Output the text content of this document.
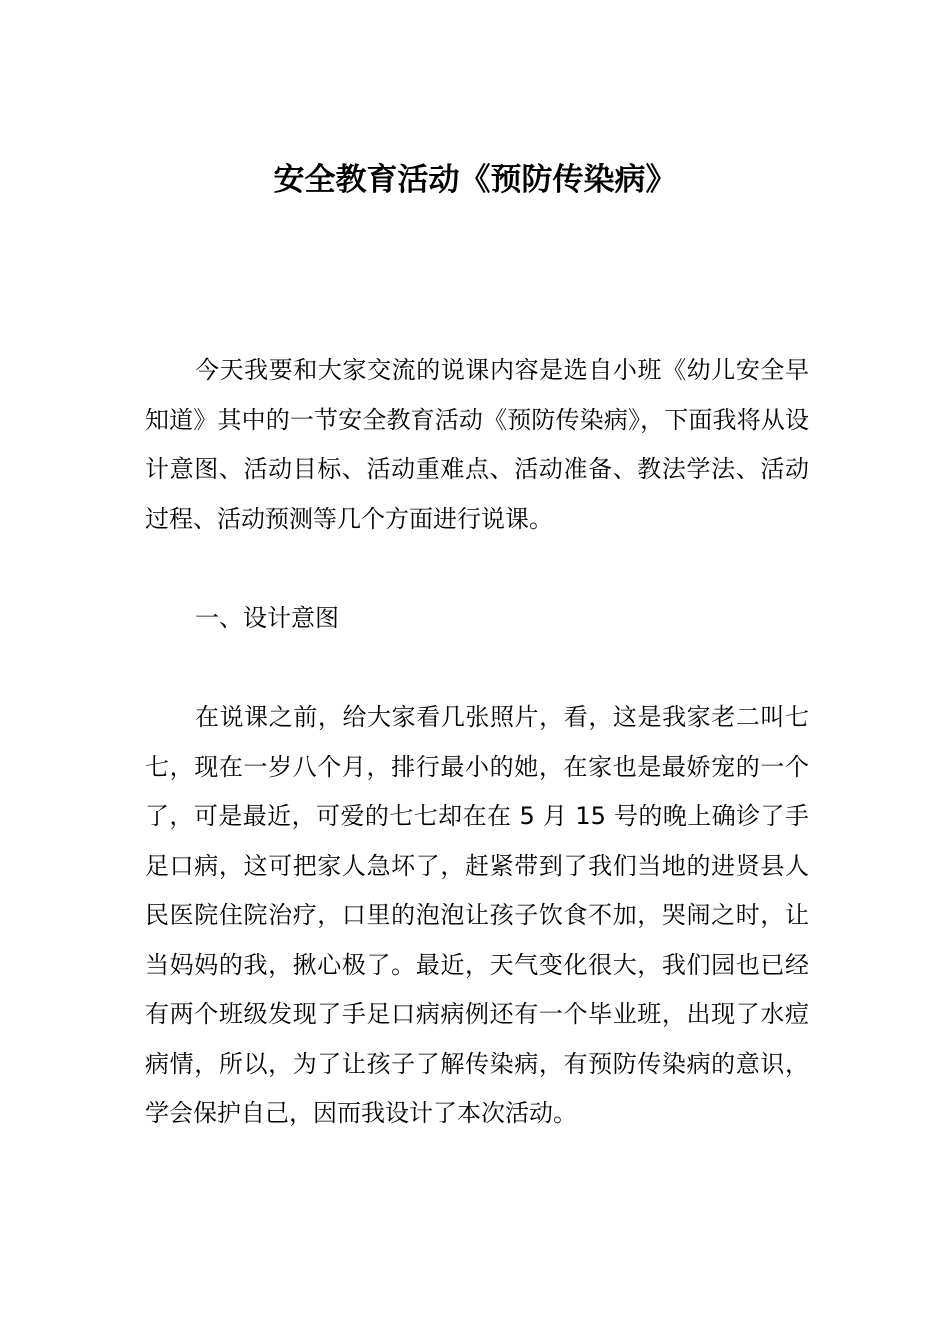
安全教育活动《预防传染病》

今天我要和大家交流的说课内容是选自小班《幼儿安全早知道》其中的一节安全教育活动《预防传染病》，下面我将从设计意图、活动目标、活动重难点、活动准备、教法学法、活动过程、活动预测等几个方面进行说课。

一、设计意图

在说课之前，给大家看几张照片，看，这是我家老二叫七七，现在一岁八个月，排行最小的她，在家也是最娇宠的一个了，可是最近，可爱的七七却在在 5 月 15 号的晚上确诊了手足口病，这可把家人急坏了，赶紧带到了我们当地的进贤县人民医院住院治疗，口里的泡泡让孩子饮食不加，哭闹之时，让当妈妈的我，揪心极了。最近，天气变化很大，我们园也已经有两个班级发现了手足口病病例还有一个毕业班，出现了水痘病情，所以，为了让孩子了解传染病，有预防传染病的意识，学会保护自己，因而我设计了本次活动。
